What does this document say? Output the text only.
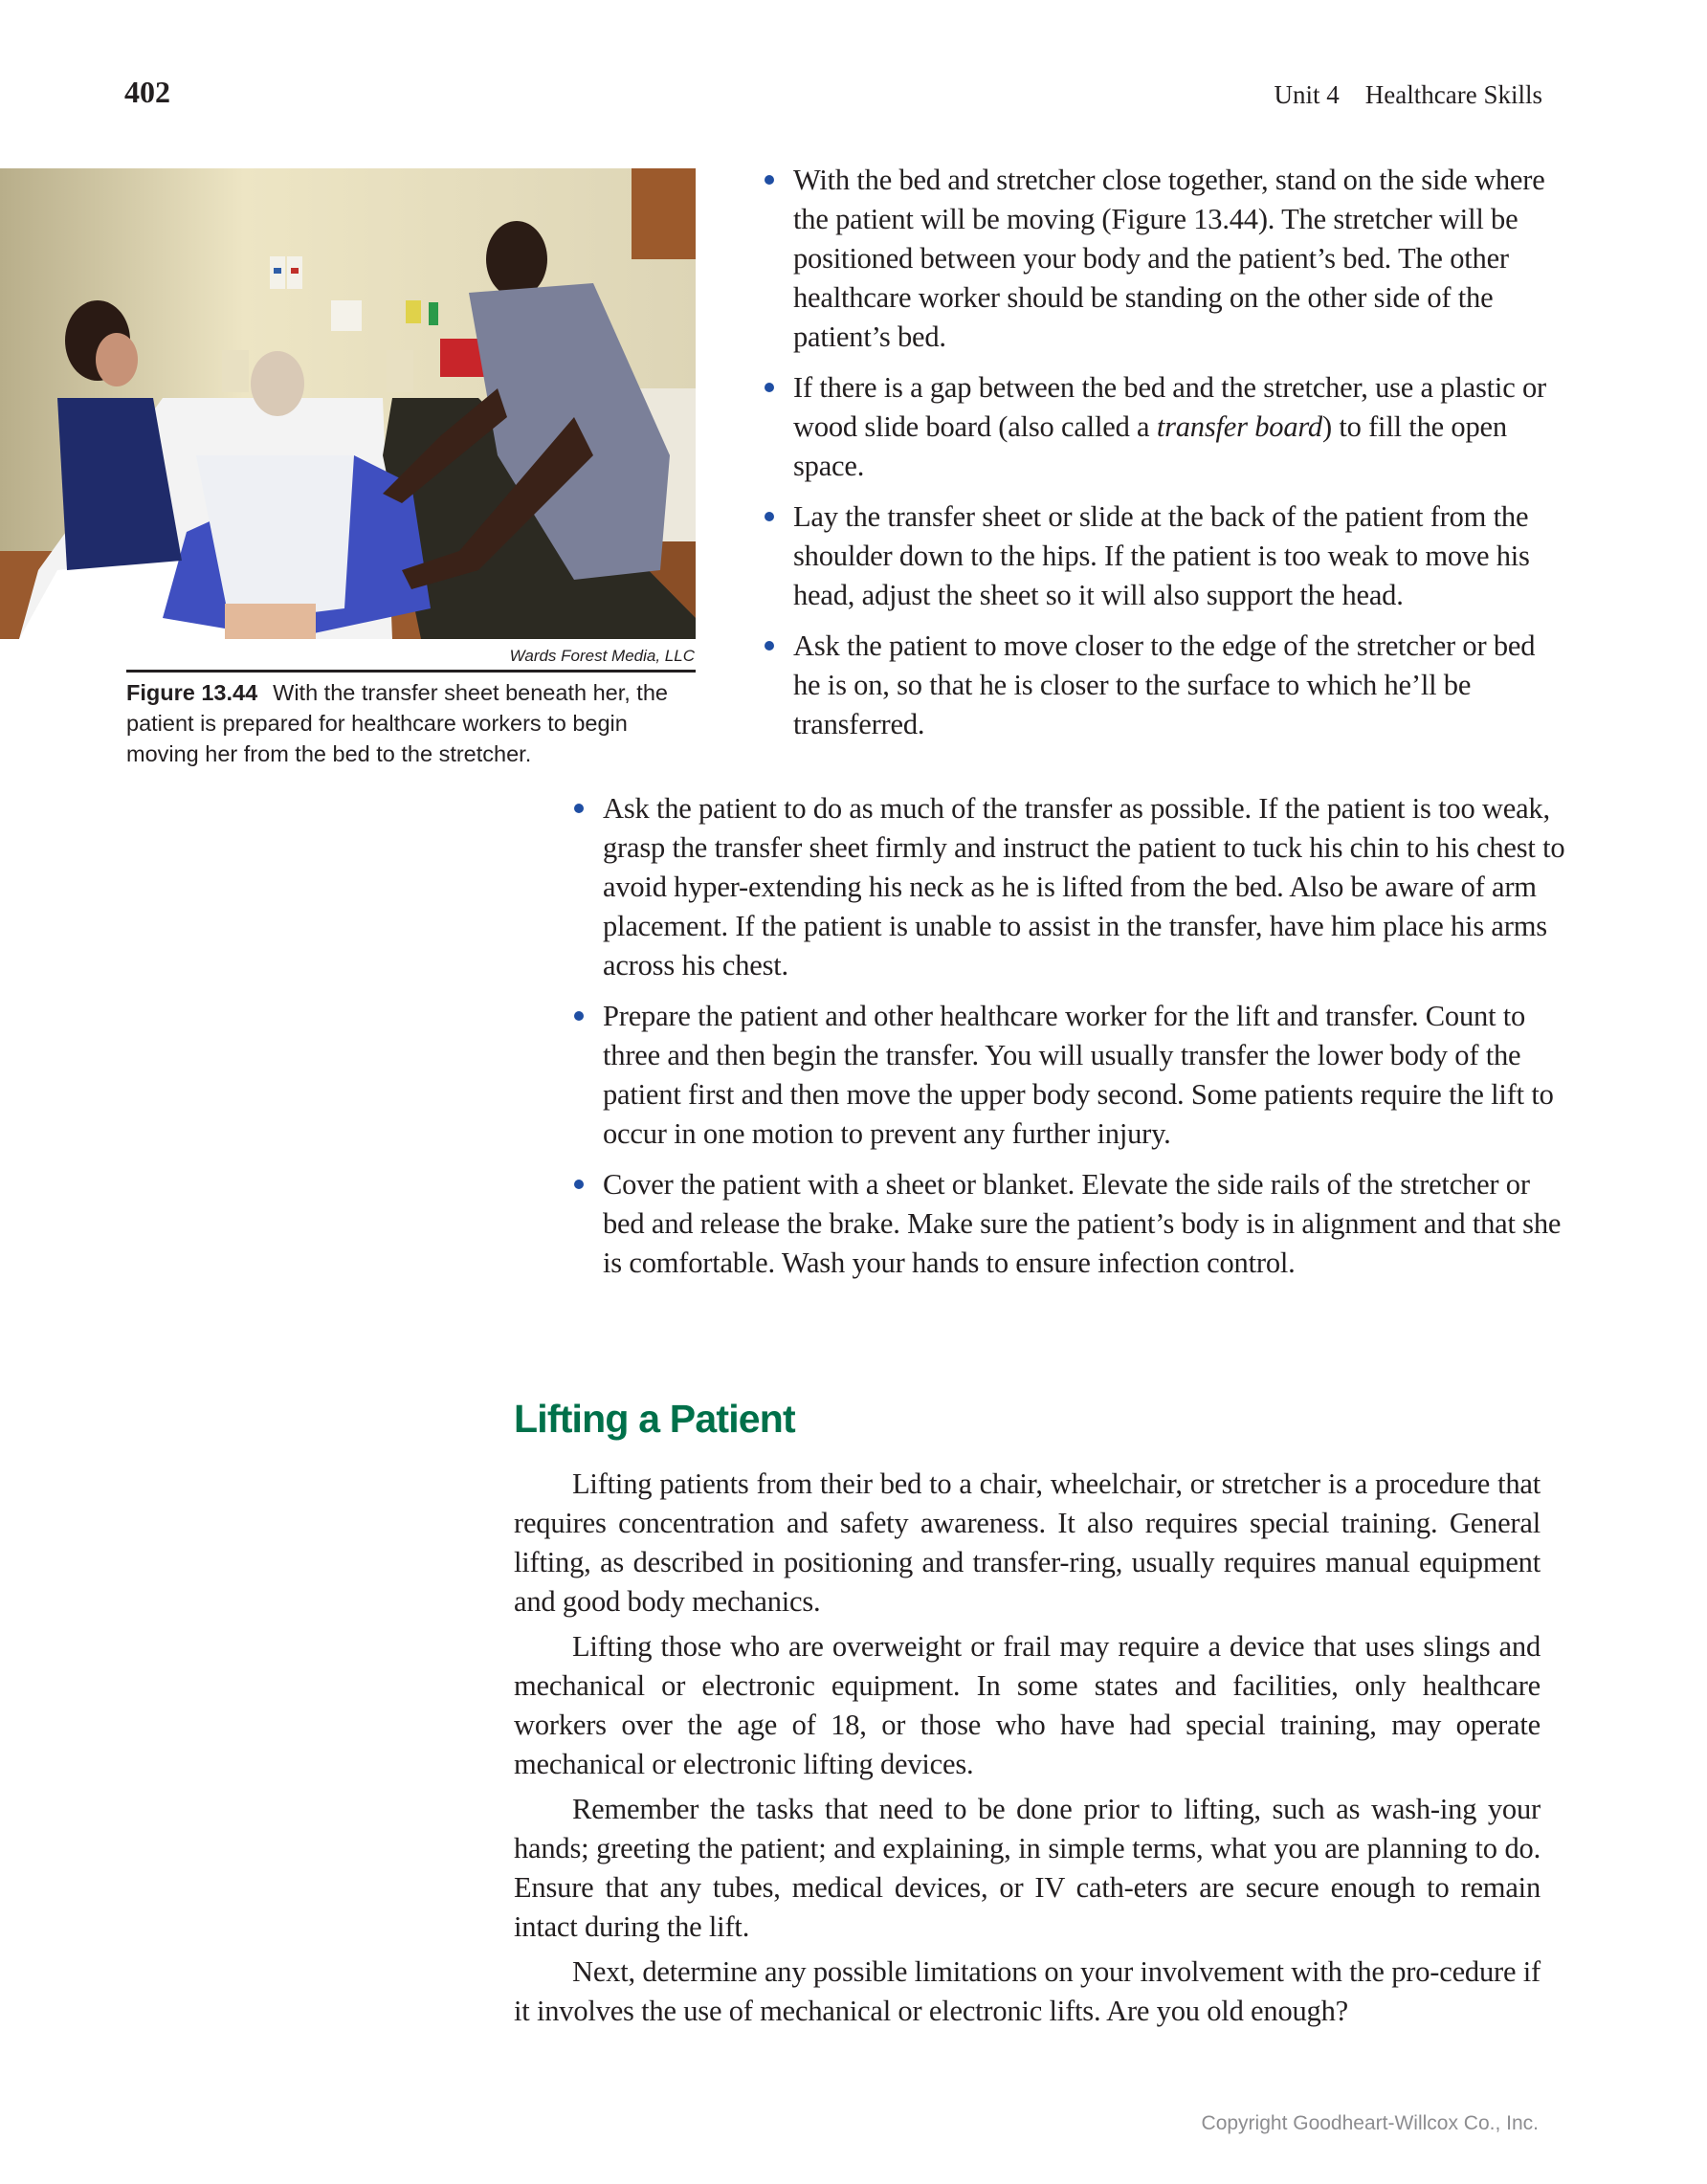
402	Unit 4    Healthcare Skills
Wards Forest Media, LLC
Figure 13.44 With the transfer sheet beneath her, the patient is prepared for healthcare workers to begin moving her from the bed to the stretcher.
With the bed and stretcher close together, stand on the side where the patient will be moving (Figure 13.44). The stretcher will be positioned between your body and the patient’s bed. The other healthcare worker should be standing on the other side of the patient’s bed.
If there is a gap between the bed and the stretcher, use a plastic or wood slide board (also called a transfer board) to fill the open space.
Lay the transfer sheet or slide at the back of the patient from the shoulder down to the hips. If the patient is too weak to move his head, adjust the sheet so it will also support the head.
Ask the patient to move closer to the edge of the stretcher or bed he is on, so that he is closer to the surface to which he’ll be transferred.
Ask the patient to do as much of the transfer as possible. If the patient is too weak, grasp the transfer sheet firmly and instruct the patient to tuck his chin to his chest to avoid hyper-extending his neck as he is lifted from the bed. Also be aware of arm placement. If the patient is unable to assist in the transfer, have him place his arms across his chest.
Prepare the patient and other healthcare worker for the lift and transfer. Count to three and then begin the transfer. You will usually transfer the lower body of the patient first and then move the upper body second. Some patients require the lift to occur in one motion to prevent any further injury.
Cover the patient with a sheet or blanket. Elevate the side rails of the stretcher or bed and release the brake. Make sure the patient’s body is in alignment and that she is comfortable. Wash your hands to ensure infection control.
Lifting a Patient

Lifting patients from their bed to a chair, wheelchair, or stretcher is a procedure that requires concentration and safety awareness. It also requires special training. General lifting, as described in positioning and transfer-ring, usually requires manual equipment and good body mechanics.

Lifting those who are overweight or frail may require a device that uses slings and mechanical or electronic equipment. In some states and facilities, only healthcare workers over the age of 18, or those who have had special training, may operate mechanical or electronic lifting devices.

Remember the tasks that need to be done prior to lifting, such as wash-ing your hands; greeting the patient; and explaining, in simple terms, what you are planning to do. Ensure that any tubes, medical devices, or IV cath-eters are secure enough to remain intact during the lift.

Next, determine any possible limitations on your involvement with the pro-cedure if it involves the use of mechanical or electronic lifts. Are you old enough?

Copyright Goodheart-Willcox Co., Inc.
